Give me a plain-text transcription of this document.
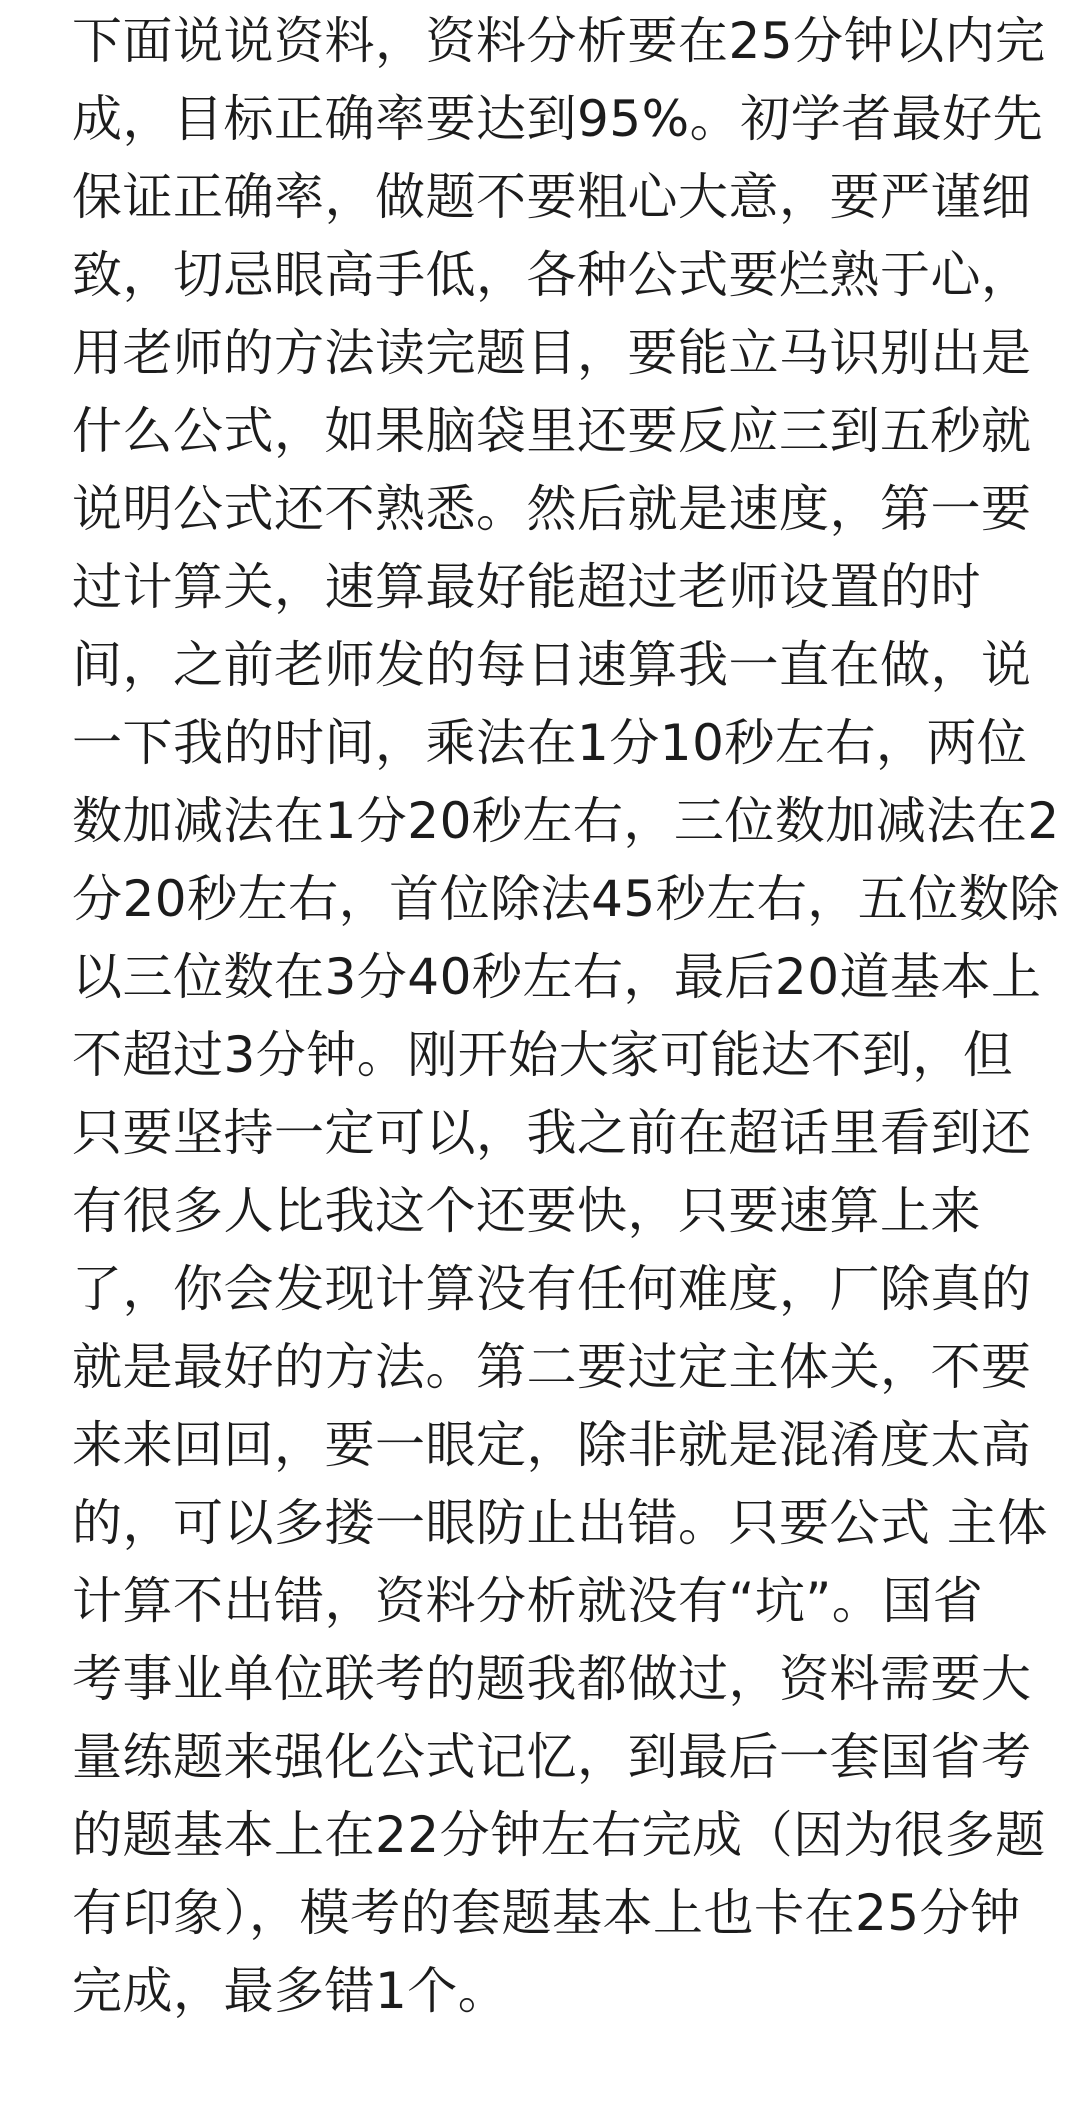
下面说说资料，资料分析要在25分钟以内完
成，目标正确率要达到95%。初学者最好先
保证正确率，做题不要粗心大意，要严谨细
致，切忌眼高手低，各种公式要烂熟于心，
用老师的方法读完题目，要能立马识别出是
什么公式，如果脑袋里还要反应三到五秒就
说明公式还不熟悉。然后就是速度，第一要
过计算关，速算最好能超过老师设置的时
间，之前老师发的每日速算我一直在做，说
一下我的时间，乘法在1分10秒左右，两位
数加减法在1分20秒左右，三位数加减法在2
分20秒左右，首位除法45秒左右，五位数除
以三位数在3分40秒左右，最后20道基本上
不超过3分钟。刚开始大家可能达不到，但
只要坚持一定可以，我之前在超话里看到还
有很多人比我这个还要快，只要速算上来
了，你会发现计算没有任何难度，厂除真的
就是最好的方法。第二要过定主体关，不要
来来回回，要一眼定，除非就是混淆度太高
的，可以多搂一眼防止出错。只要公式 主体
计算不出错，资料分析就没有“坑”。国省
考事业单位联考的题我都做过，资料需要大
量练题来强化公式记忆，到最后一套国省考
的题基本上在22分钟左右完成（因为很多题
有印象），模考的套题基本上也卡在25分钟
完成，最多错1个。
